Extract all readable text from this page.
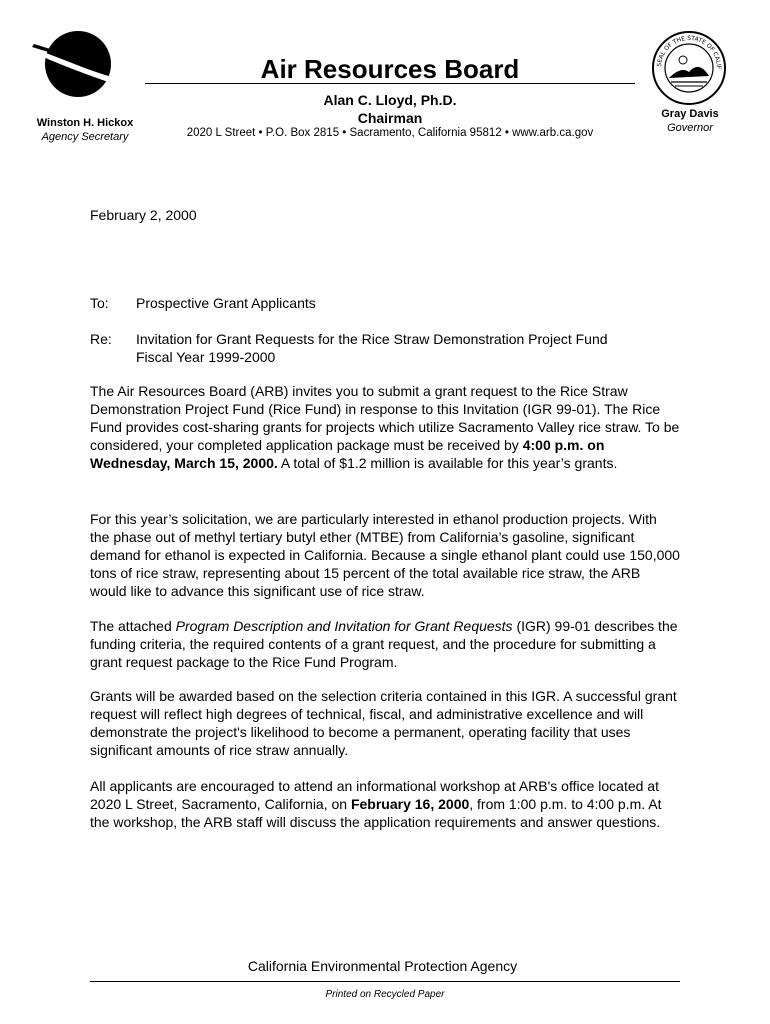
Air Resources Board
Alan C. Lloyd, Ph.D.
Chairman
2020 L Street • P.O. Box 2815 • Sacramento, California 95812 • www.arb.ca.gov
Winston H. Hickox
Agency Secretary
SEAL OF THE STATE OF CALIF
Gray Davis
Governor
February 2, 2000
To: Prospective Grant Applicants
Re: Invitation for Grant Requests for the Rice Straw Demonstration Project Fund
Fiscal Year 1999-2000
The Air Resources Board (ARB) invites you to submit a grant request to the Rice Straw Demonstration Project Fund (Rice Fund) in response to this Invitation (IGR 99-01). The Rice Fund provides cost-sharing grants for projects which utilize Sacramento Valley rice straw. To be considered, your completed application package must be received by 4:00 p.m. on Wednesday, March 15, 2000. A total of $1.2 million is available for this year’s grants.
For this year’s solicitation, we are particularly interested in ethanol production projects. With the phase out of methyl tertiary butyl ether (MTBE) from California’s gasoline, significant demand for ethanol is expected in California. Because a single ethanol plant could use 150,000 tons of rice straw, representing about 15 percent of the total available rice straw, the ARB would like to advance this significant use of rice straw.
The attached Program Description and Invitation for Grant Requests (IGR) 99-01 describes the funding criteria, the required contents of a grant request, and the procedure for submitting a grant request package to the Rice Fund Program.
Grants will be awarded based on the selection criteria contained in this IGR. A successful grant request will reflect high degrees of technical, fiscal, and administrative excellence and will demonstrate the project's likelihood to become a permanent, operating facility that uses significant amounts of rice straw annually.
All applicants are encouraged to attend an informational workshop at ARB's office located at 2020 L Street, Sacramento, California, on February 16, 2000, from 1:00 p.m. to 4:00 p.m. At the workshop, the ARB staff will discuss the application requirements and answer questions.
California Environmental Protection Agency
Printed on Recycled Paper
